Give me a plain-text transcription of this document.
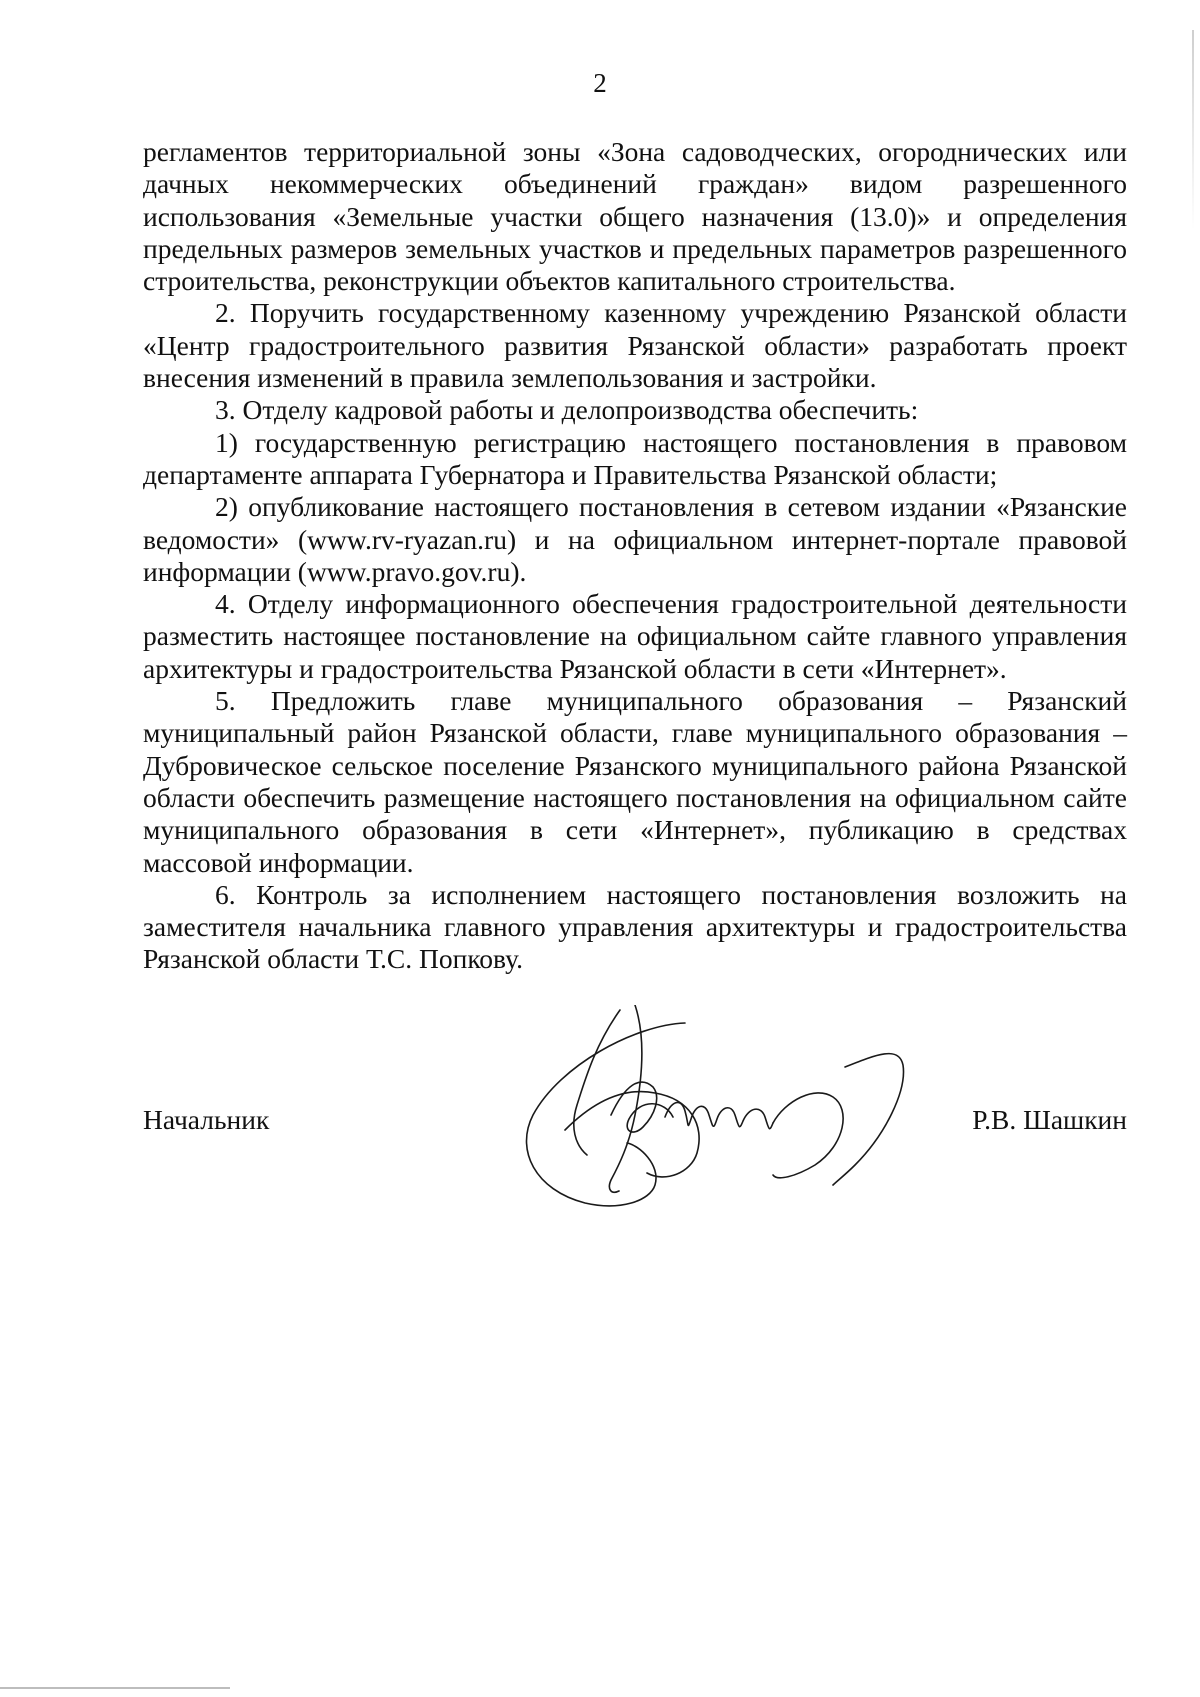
2

регламентов территориальной зоны «Зона садоводческих, огороднических или дачных некоммерческих объединений граждан» видом разрешенного использования «Земельные участки общего назначения (13.0)» и определения предельных размеров земельных участков и предельных параметров разрешенного строительства, реконструкции объектов капитального строительства.

2. Поручить государственному казенному учреждению Рязанской области «Центр градостроительного развития Рязанской области» разработать проект внесения изменений в правила землепользования и застройки.

3. Отделу кадровой работы и делопроизводства обеспечить:

1) государственную регистрацию настоящего постановления в правовом департаменте аппарата Губернатора и Правительства Рязанской области;

2) опубликование настоящего постановления в сетевом издании «Рязанские ведомости» (www.rv-ryazan.ru) и на официальном интернет-портале правовой информации (www.pravo.gov.ru).

4. Отделу информационного обеспечения градостроительной деятельности разместить настоящее постановление на официальном сайте главного управления архитектуры и градостроительства Рязанской области в сети «Интернет».

5. Предложить главе муниципального образования – Рязанский муниципальный район Рязанской области, главе муниципального образования – Дубровическое сельское поселение Рязанского муниципального района Рязанской области обеспечить размещение настоящего постановления на официальном сайте муниципального образования в сети «Интернет», публикацию в средствах массовой информации.

6. Контроль за исполнением настоящего постановления возложить на заместителя начальника главного управления архитектуры и градостроительства Рязанской области Т.С. Попкову.

Начальник	Р.В. Шашкин
